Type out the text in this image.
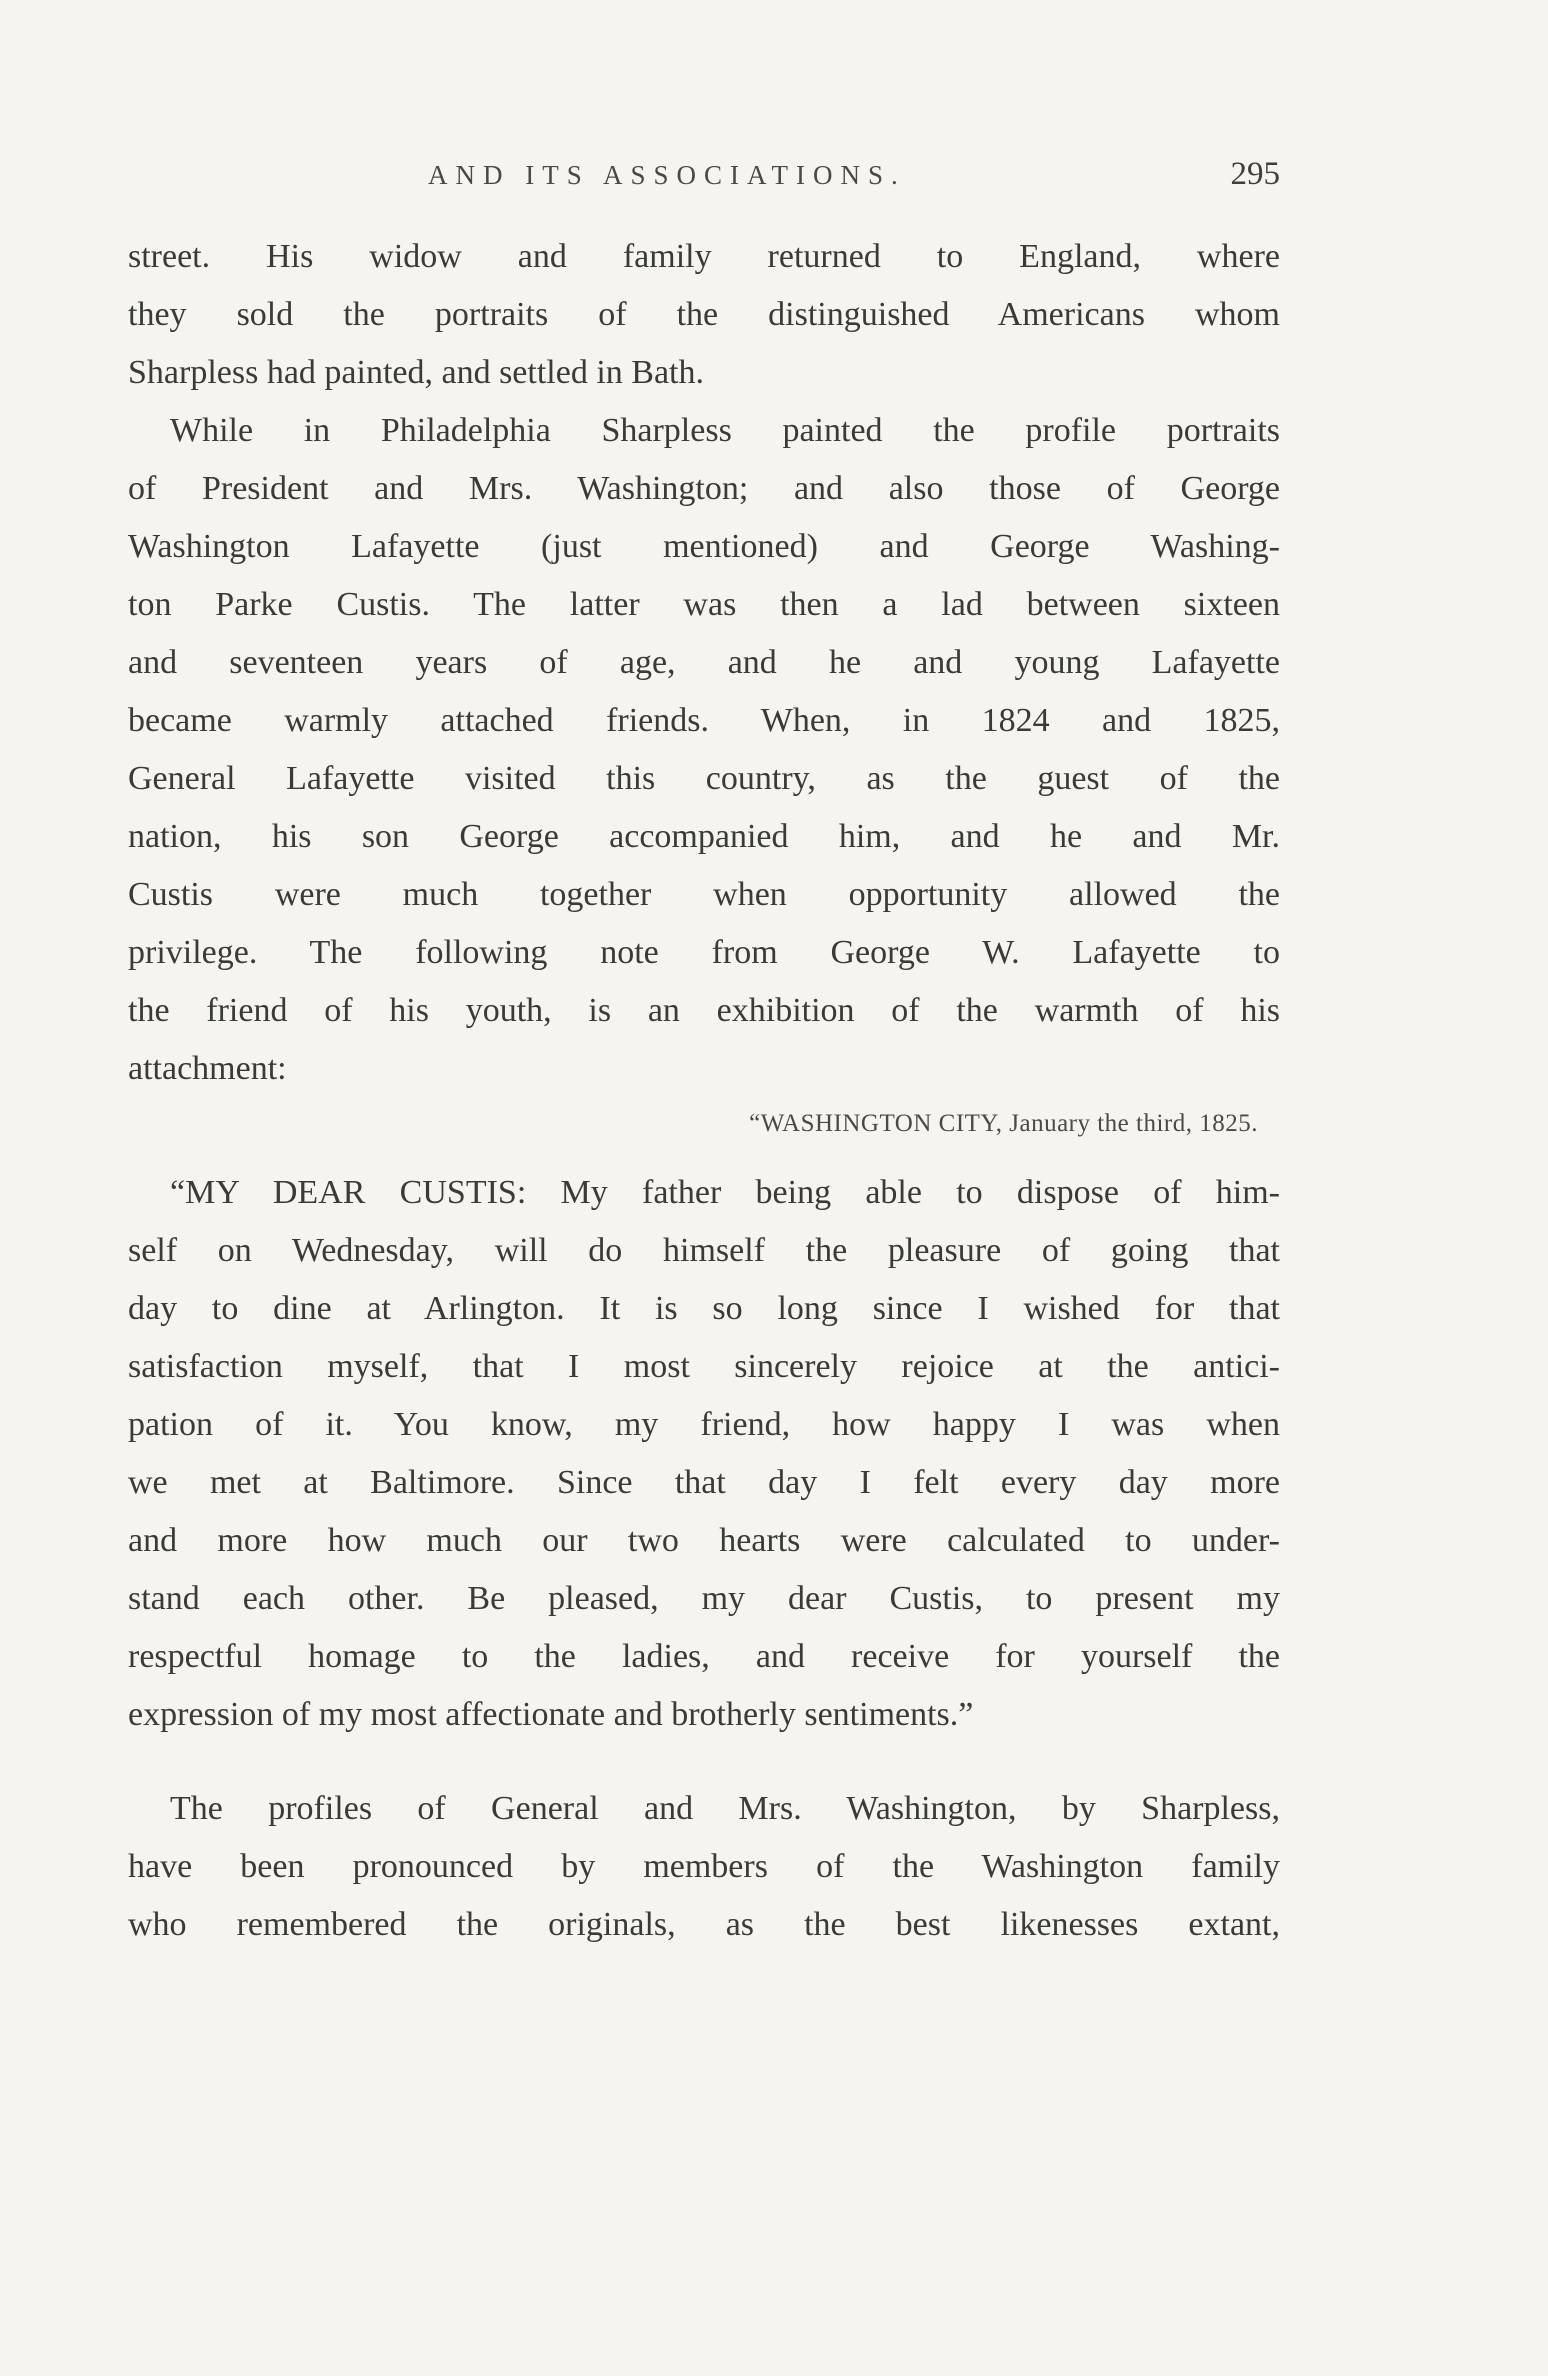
AND ITS ASSOCIATIONS.	295
street. His widow and family returned to England, where
they sold the portraits of the distinguished Americans whom
Sharpless had painted, and settled in Bath.
While in Philadelphia Sharpless painted the profile portraits
of President and Mrs. Washington; and also those of George
Washington Lafayette (just mentioned) and George Washing-
ton Parke Custis. The latter was then a lad between sixteen
and seventeen years of age, and he and young Lafayette
became warmly attached friends. When, in 1824 and 1825,
General Lafayette visited this country, as the guest of the
nation, his son George accompanied him, and he and Mr.
Custis were much together when opportunity allowed the
privilege. The following note from George W. Lafayette to
the friend of his youth, is an exhibition of the warmth of his
attachment:
“WASHINGTON CITY, January the third, 1825.
“MY DEAR CUSTIS: My father being able to dispose of him-
self on Wednesday, will do himself the pleasure of going that
day to dine at Arlington. It is so long since I wished for that
satisfaction myself, that I most sincerely rejoice at the antici-
pation of it. You know, my friend, how happy I was when
we met at Baltimore. Since that day I felt every day more
and more how much our two hearts were calculated to under-
stand each other. Be pleased, my dear Custis, to present my
respectful homage to the ladies, and receive for yourself the
expression of my most affectionate and brotherly sentiments.”
The profiles of General and Mrs. Washington, by Sharpless,
have been pronounced by members of the Washington family
who remembered the originals, as the best likenesses extant,
